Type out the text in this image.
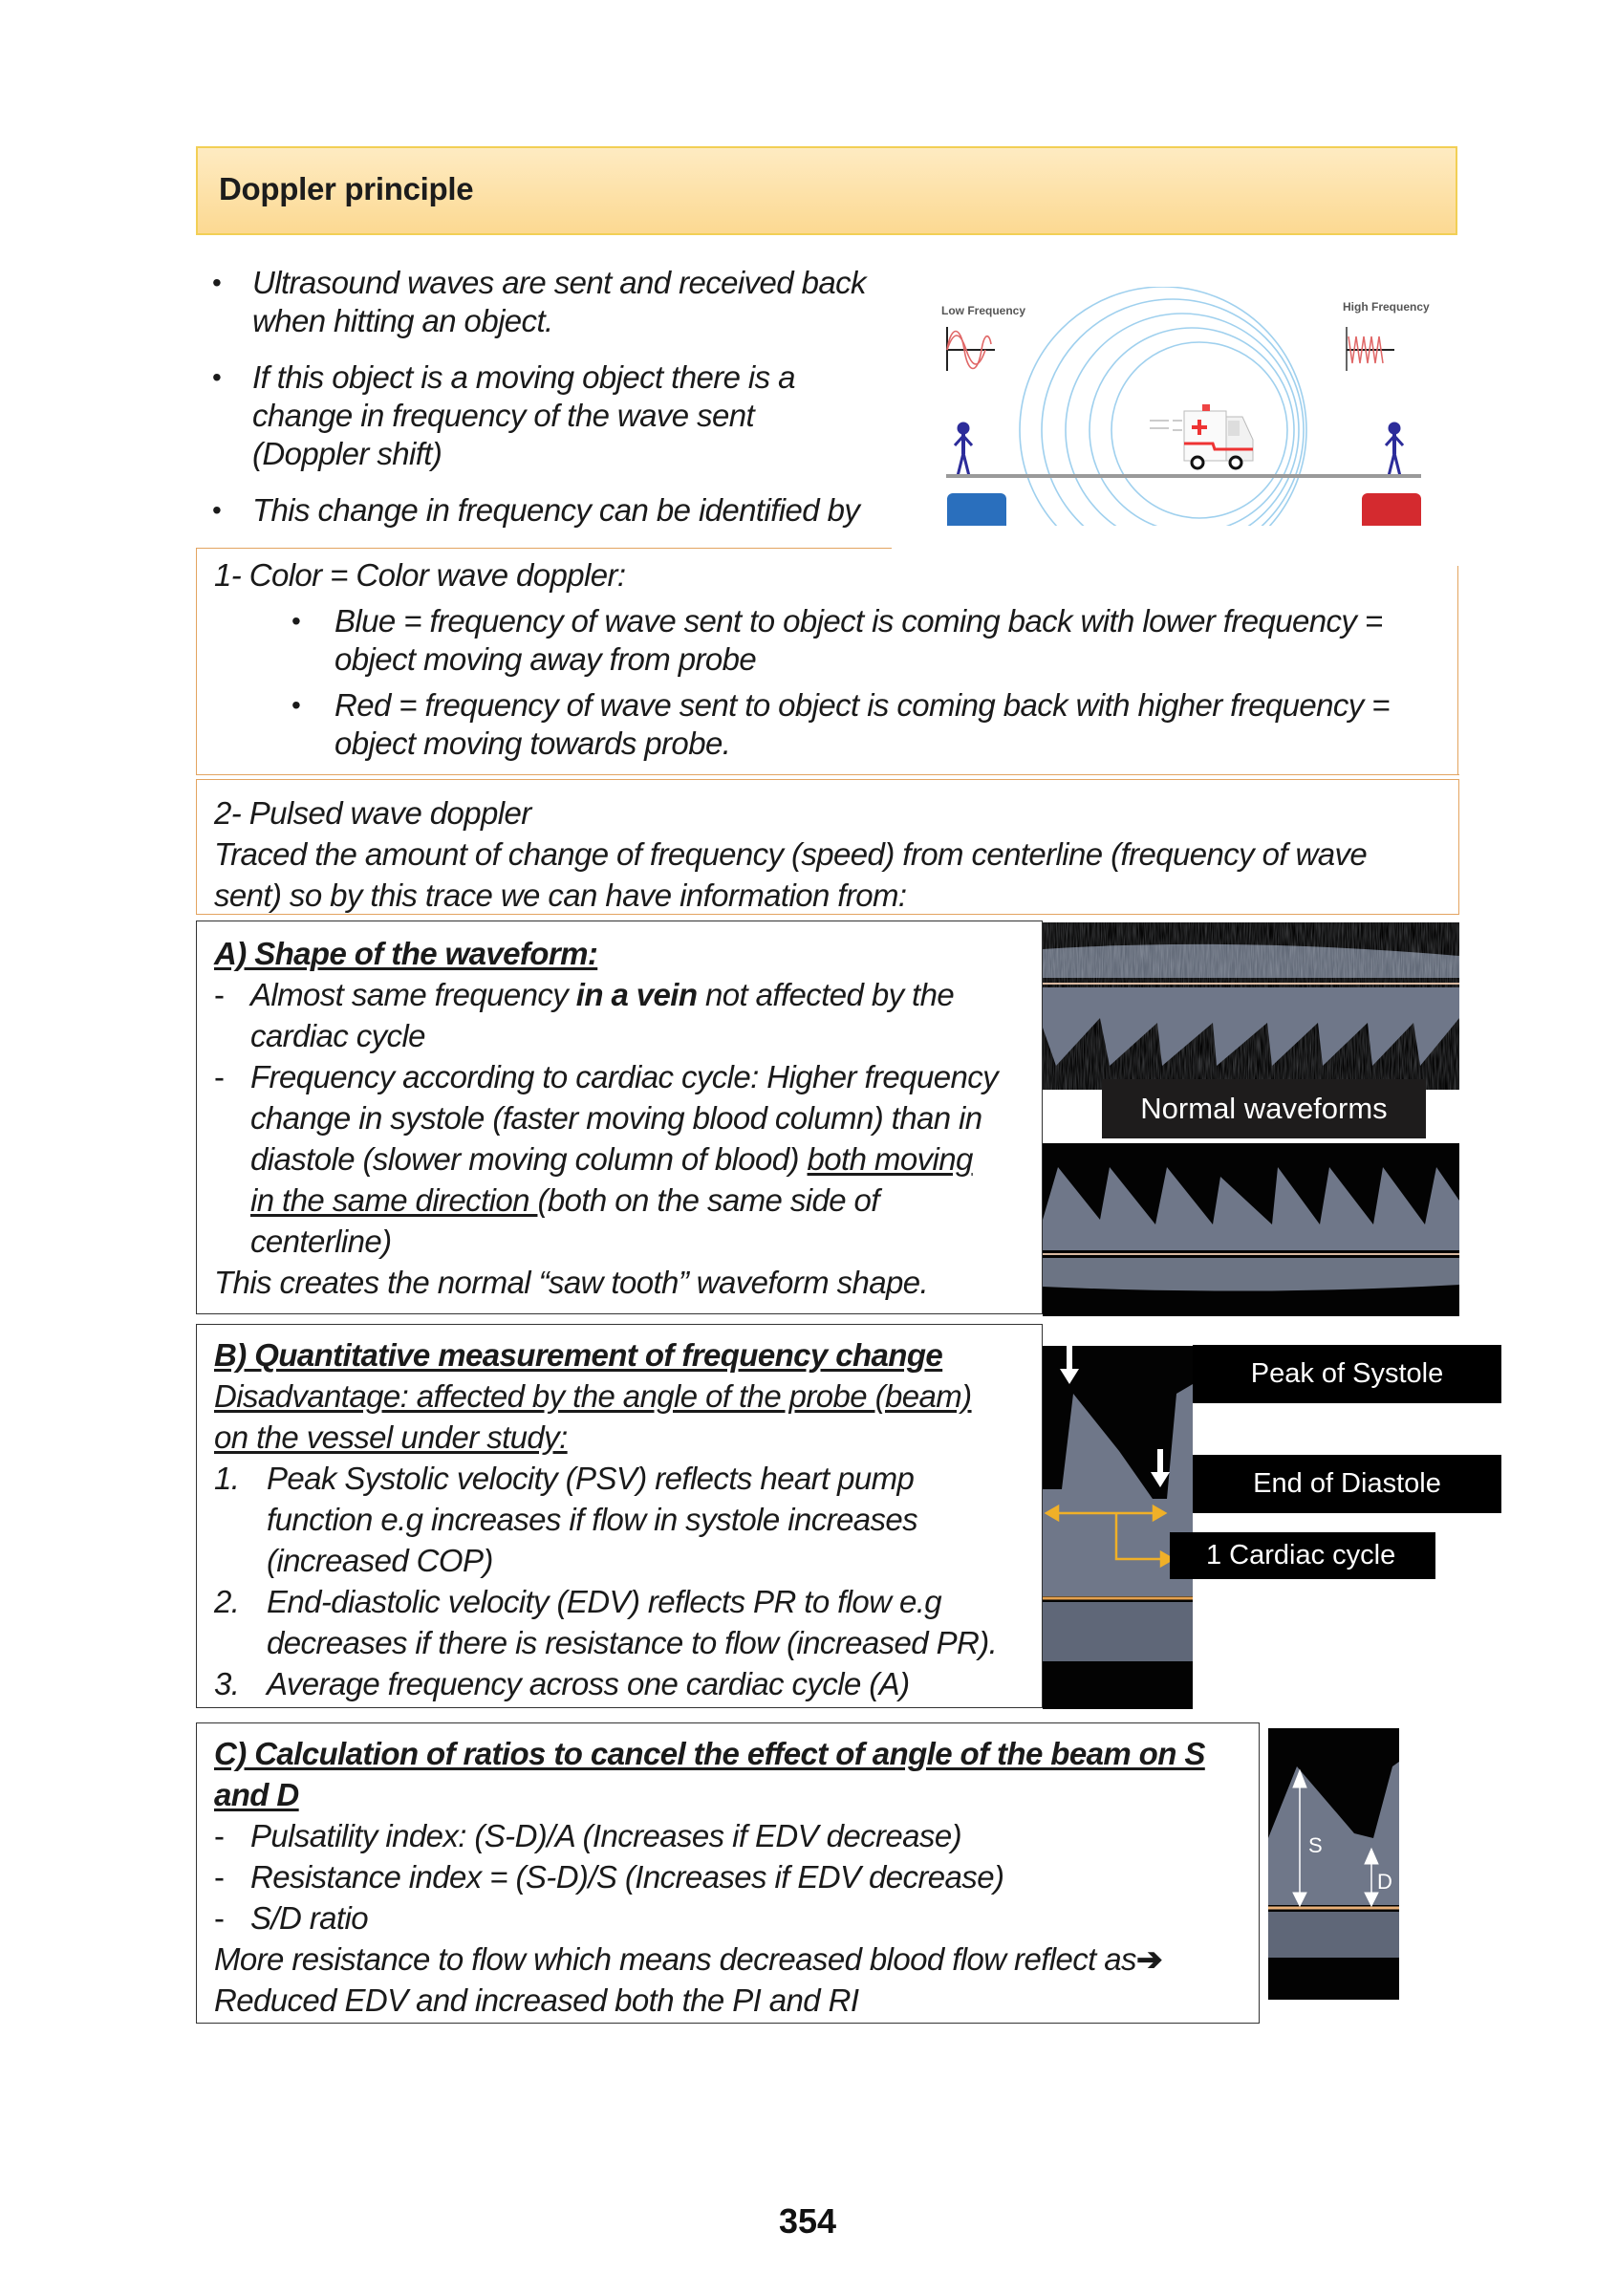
Doppler principle
• Ultrasound waves are sent and received back
when hitting an object.
• If this object is a moving object there is a
change in frequency of the wave sent
(Doppler shift)
• This change in frequency can be identified by
Low Frequency	High Frequency
1- Color = Color wave doppler:
• Blue = frequency of wave sent to object is coming back with lower frequency =
object moving away from probe
• Red = frequency of wave sent to object is coming back with higher frequency =
object moving towards probe.
2- Pulsed wave doppler
Traced the amount of change of frequency (speed) from centerline (frequency of wave
sent) so by this trace we can have information from:
A) Shape of the waveform:
- Almost same frequency in a vein not affected by the
cardiac cycle
- Frequency according to cardiac cycle: Higher frequency
change in systole (faster moving blood column) than in
diastole (slower moving column of blood) both moving
in the same direction (both on the same side of
centerline)
This creates the normal “saw tooth” waveform shape.
Normal waveforms
B) Quantitative measurement of frequency change
Disadvantage: affected by the angle of the probe (beam)
on the vessel under study:
1. Peak Systolic velocity (PSV) reflects heart pump
function e.g increases if flow in systole increases
(increased COP)
2. End-diastolic velocity (EDV) reflects PR to flow e.g
decreases if there is resistance to flow (increased PR).
3. Average frequency across one cardiac cycle (A)
Peak of Systole
End of Diastole
1 Cardiac cycle
C) Calculation of ratios to cancel the effect of angle of the beam on S
and D
- Pulsatility index: (S-D)/A (Increases if EDV decrease)
- Resistance index = (S-D)/S (Increases if EDV decrease)
- S/D ratio
More resistance to flow which means decreased blood flow reflect as➔
Reduced EDV and increased both the PI and RI
S
D
354
